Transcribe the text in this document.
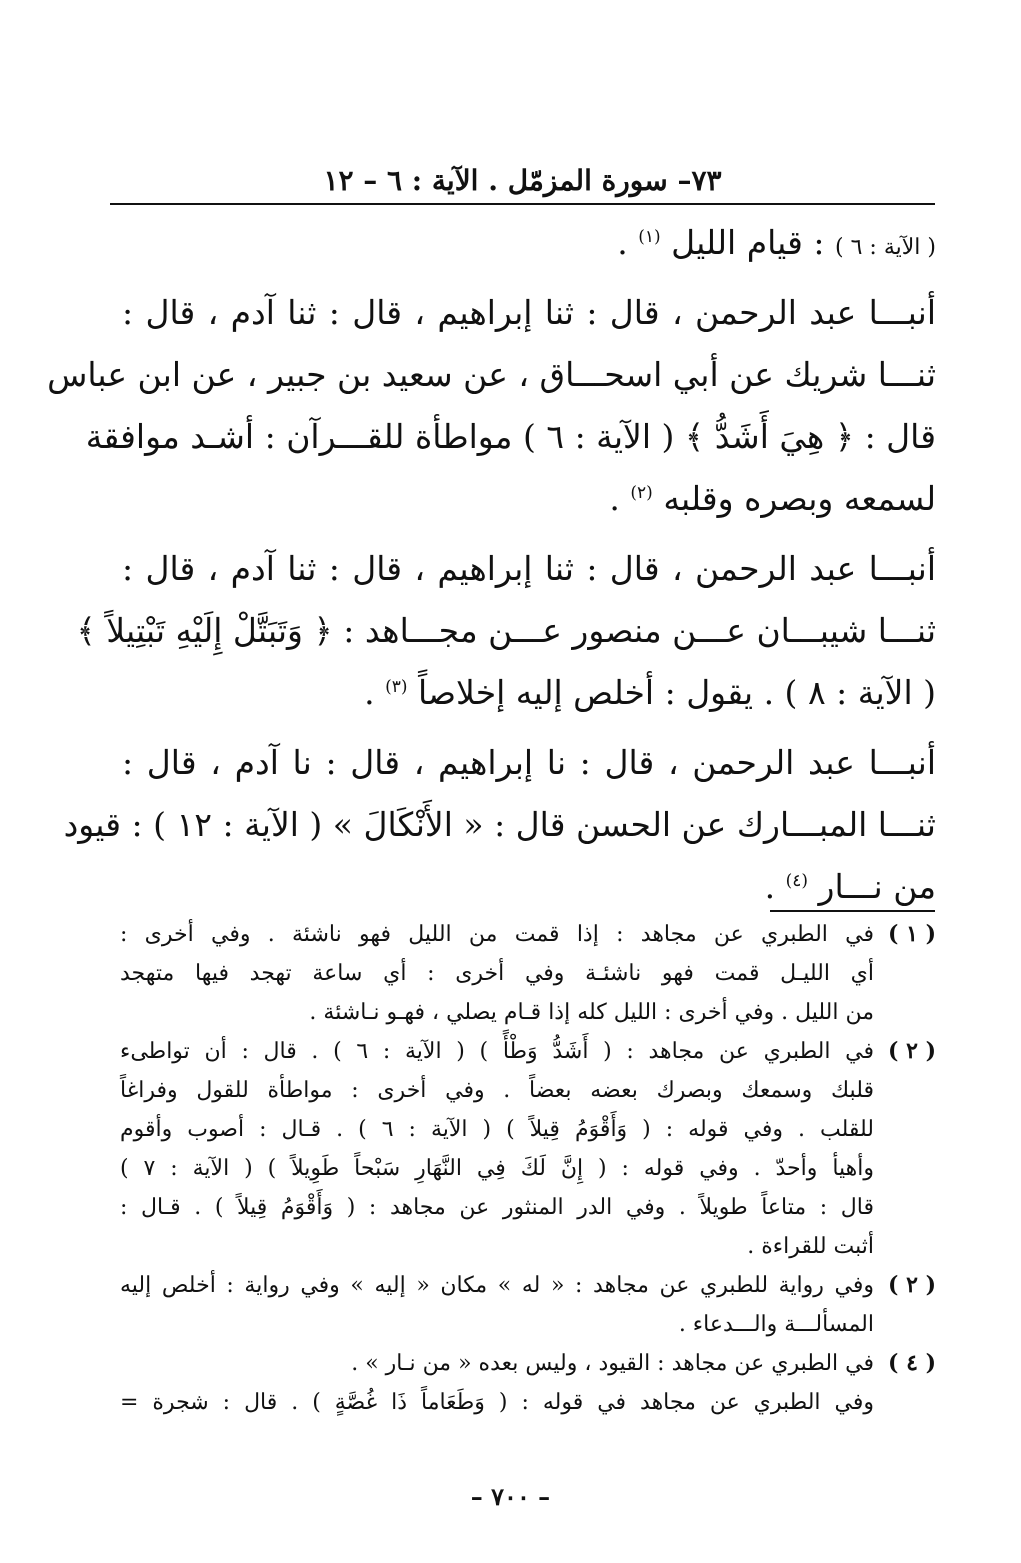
٧٣– سورة المزمّل . الآية : ٦ – ١٢
( الآية : ٦ ) : قيام الليل $^{(١)}$ .
أنبـــا عبد الرحمن ، قال : ثنا إبراهيم ، قال : ثنا آدم ، قال :
ثنـــا شريك عن أبي اسحـــاق ، عن سعيد بن جبير ، عن ابن عباس
قال : ﴿ هِيَ أَشَدُّ ﴾ ( الآية : ٦ ) مواطأة للقـــرآن : أشـد موافقة
لسمعه وبصره وقلبه $^{(٢)}$ .
أنبـــا عبد الرحمن ، قال : ثنا إبراهيم ، قال : ثنا آدم ، قال :
ثنـــا شيبـــان عـــن منصور عـــن مجـــاهد : ﴿ وَتَبَتَّلْ إِلَيْهِ تَبْتِيلاً ﴾
( الآية : ٨ ) . يقول : أخلص إليه إخلاصاً $^{(٣)}$ .
أنبـــا عبد الرحمن ، قال : نا إبراهيم ، قال : نا آدم ، قال :
ثنـــا المبـــارك عن الحسن قال : « الأَنْكَالَ » ( الآية : ١٢ ) : قيود
من نـــار $^{(٤)}$ .
( ١ )
في الطبري عن مجاهد : إذا قمت من الليل فهو ناشئة . وفي أخرى :
أي الليـل قمت فهو ناشئـة وفي أخرى : أي ساعة تهجد فيها متهجد
من الليل . وفي أخرى : الليل كله إذا قـام يصلي ، فهـو نـاشئة .
( ٢ )
في الطبري عن مجاهد : ( أَشَدُّ وَطْأً ) ( الآية : ٦ ) . قال : أن تواطىء
قلبك وسمعك وبصرك بعضه بعضاً . وفي أخرى : مواطأة للقول وفراغاً
للقلب . وفي قوله : ( وَأَقْوَمُ قِيلاً ) ( الآية : ٦ ) . قـال : أصوب وأقوم
وأهيأ وأحدّ . وفي قوله : ( إِنَّ لَكَ فِي النَّهَارِ سَبْحاً طَوِيلاً ) ( الآية : ٧ )
قال : متاعاً طويلاً . وفي الدر المنثور عن مجاهد : ( وَأَقْوَمُ قِيلاً ) . قـال :
أثبت للقراءة .
( ٢ )
وفي رواية للطبري عن مجاهد : « له » مكان « إليه » وفي رواية : أخلص إليه
المسألـــة والـــدعاء .
( ٤ )
في الطبري عن مجاهد : القيود ، وليس بعده « من نـار » .
وفي الطبري عن مجاهد في قوله : ( وَطَعَاماً ذَا غُصَّةٍ ) . قال : شجرة =
– ٧٠٠ –
